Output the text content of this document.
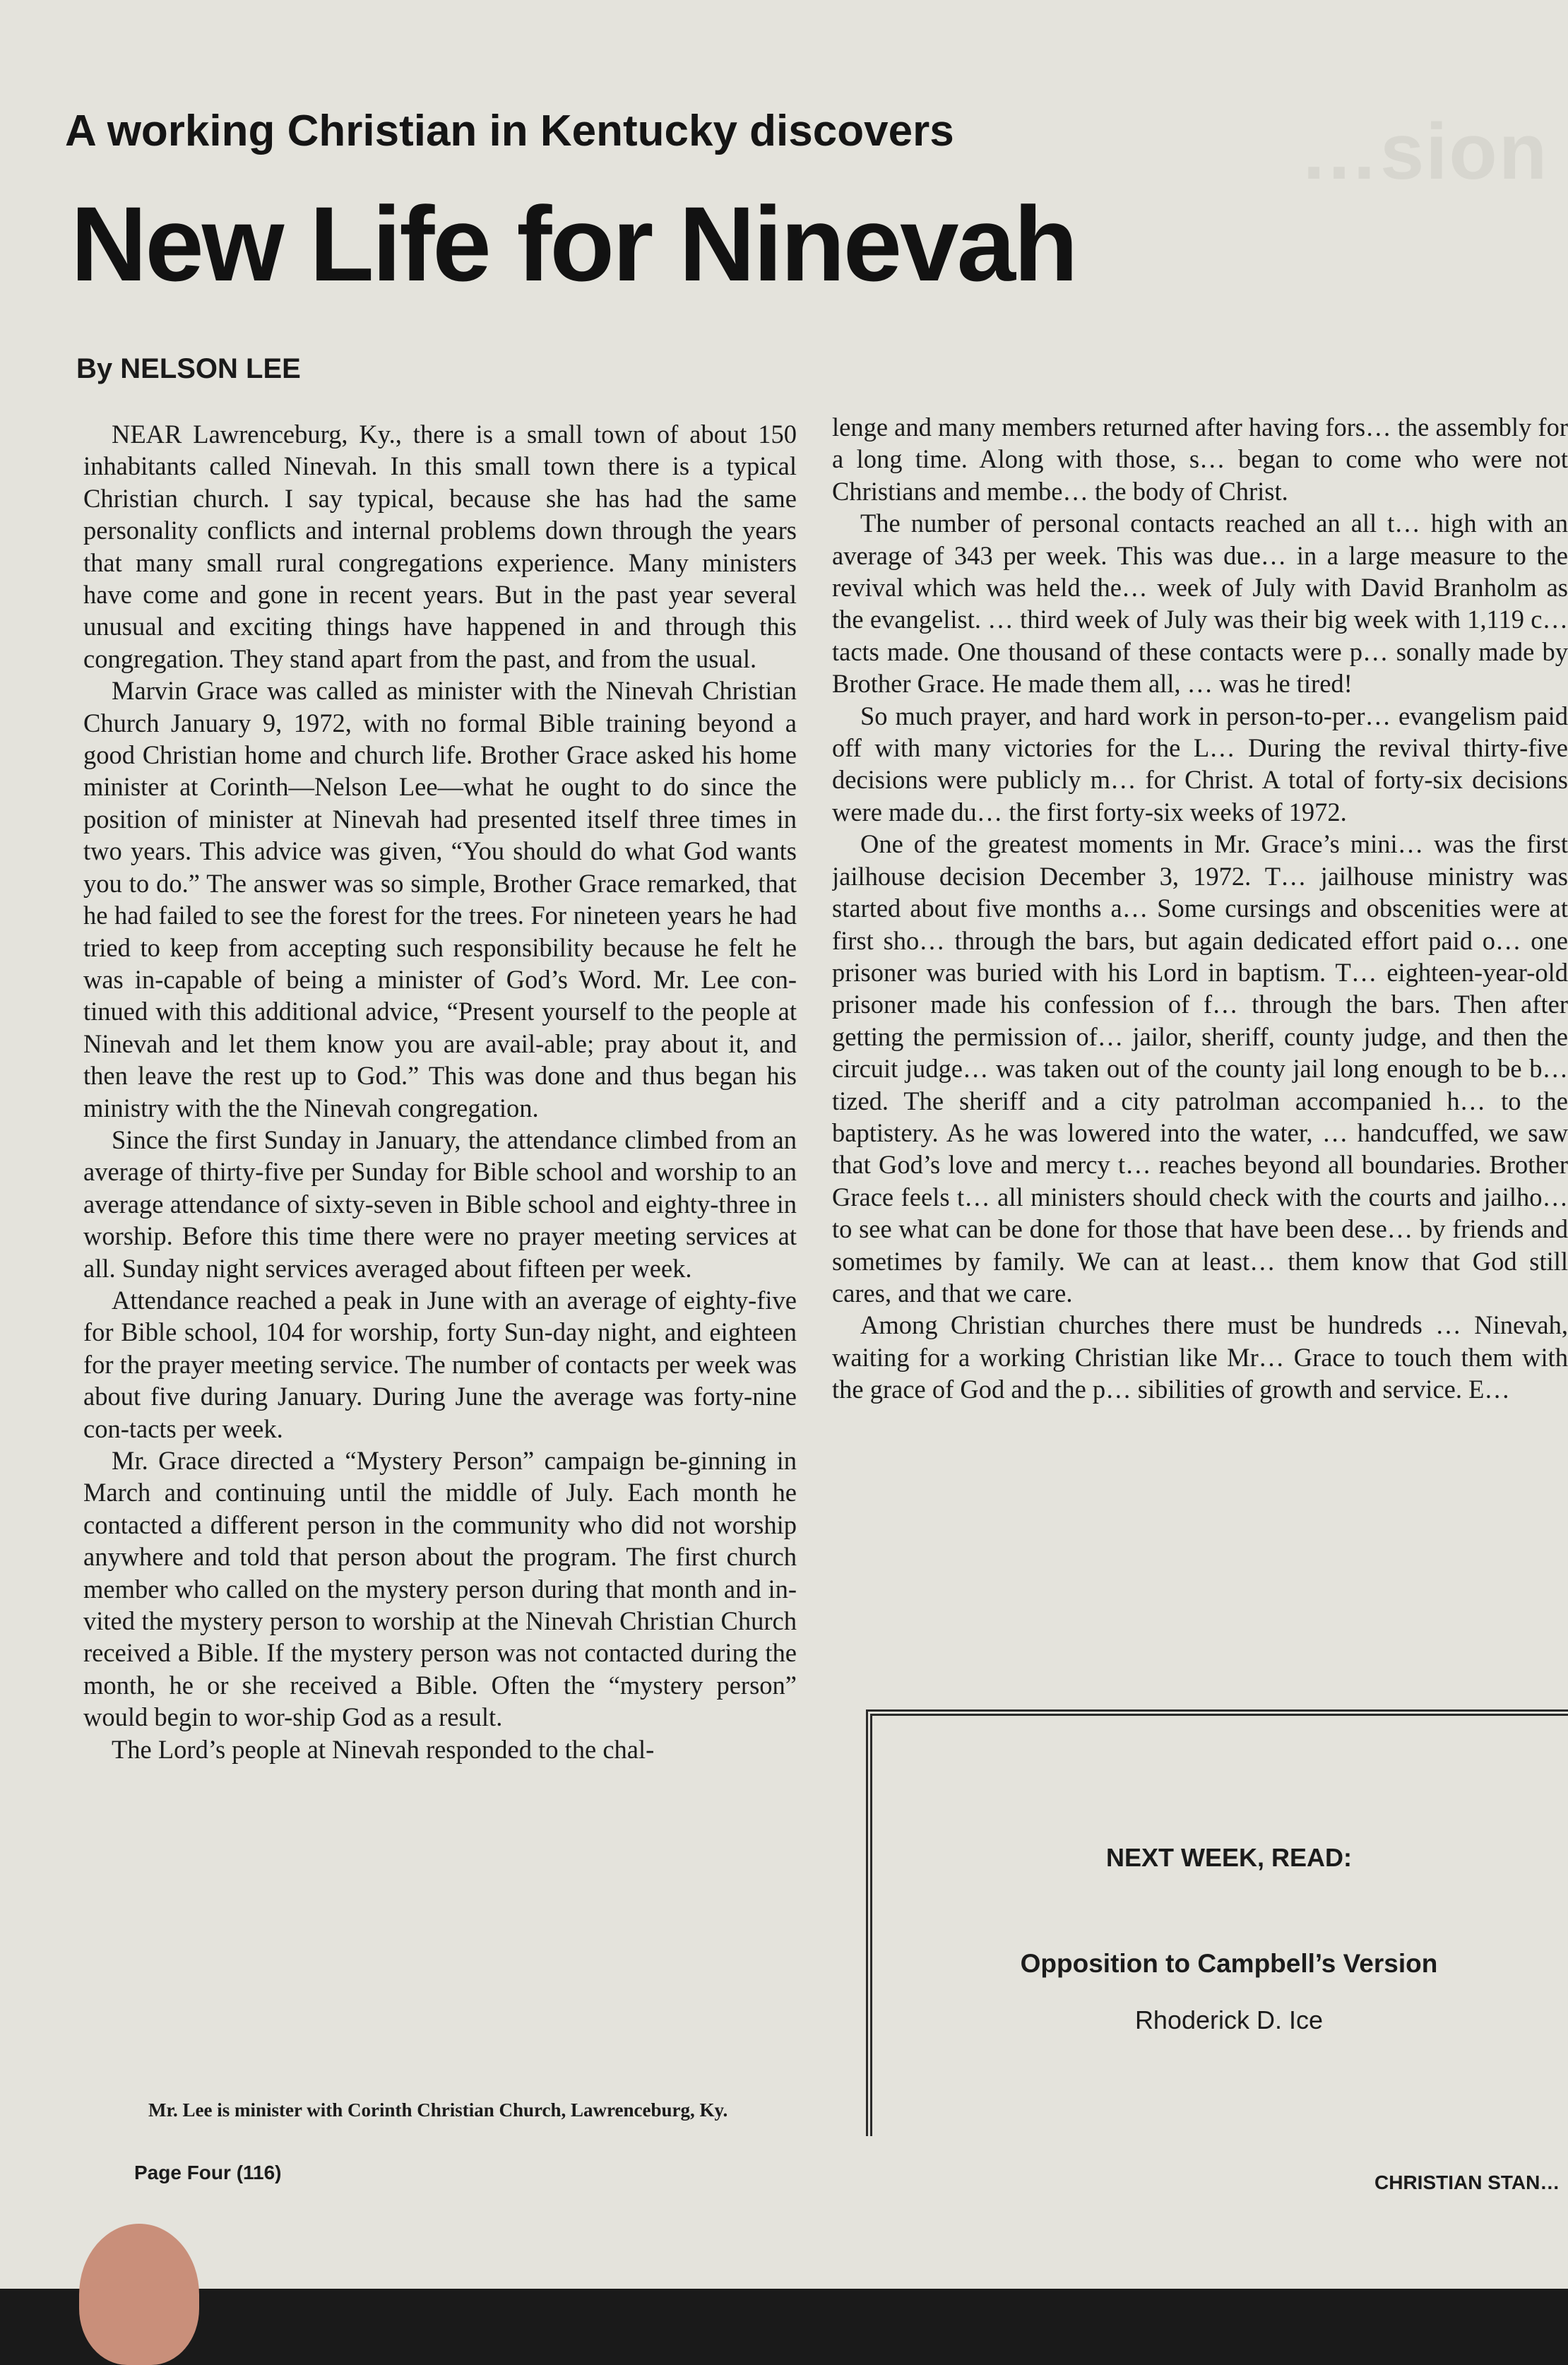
…sion
A working Christian in Kentucky discovers
New Life for Ninevah
By NELSON LEE

NEAR Lawrenceburg, Ky., there is a small town of about 150 inhabitants called Ninevah. In this small town there is a typical Christian church. I say typical, because she has had the same personality conflicts and internal problems down through the years that many small rural congregations experience. Many ministers have come and gone in recent years. But in the past year several unusual and exciting things have happened in and through this congregation. They stand apart from the past, and from the usual.

Marvin Grace was called as minister with the Ninevah Christian Church January 9, 1972, with no formal Bible training beyond a good Christian home and church life. Brother Grace asked his home minister at Corinth—Nelson Lee—what he ought to do since the position of minister at Ninevah had presented itself three times in two years. This advice was given, “You should do what God wants you to do.” The answer was so simple, Brother Grace remarked, that he had failed to see the forest for the trees. For nineteen years he had tried to keep from accepting such responsibility because he felt he was in-capable of being a minister of God’s Word. Mr. Lee con-tinued with this additional advice, “Present yourself to the people at Ninevah and let them know you are avail-able; pray about it, and then leave the rest up to God.” This was done and thus began his ministry with the the Ninevah congregation.

Since the first Sunday in January, the attendance climbed from an average of thirty-five per Sunday for Bible school and worship to an average attendance of sixty-seven in Bible school and eighty-three in worship. Before this time there were no prayer meeting services at all. Sunday night services averaged about fifteen per week.

Attendance reached a peak in June with an average of eighty-five for Bible school, 104 for worship, forty Sun-day night, and eighteen for the prayer meeting service. The number of contacts per week was about five during January. During June the average was forty-nine con-tacts per week.

Mr. Grace directed a “Mystery Person” campaign be-ginning in March and continuing until the middle of July. Each month he contacted a different person in the community who did not worship anywhere and told that person about the program. The first church member who called on the mystery person during that month and in-vited the mystery person to worship at the Ninevah Christian Church received a Bible. If the mystery person was not contacted during the month, he or she received a Bible. Often the “mystery person” would begin to wor-ship God as a result.

The Lord’s people at Ninevah responded to the chal-

lenge and many members returned after having fors… the assembly for a long time. Along with those, s… began to come who were not Christians and membe… the body of Christ.

The number of personal contacts reached an all t… high with an average of 343 per week. This was due… in a large measure to the revival which was held the… week of July with David Branholm as the evangelist. … third week of July was their big week with 1,119 c… tacts made. One thousand of these contacts were p… sonally made by Brother Grace. He made them all, … was he tired!

So much prayer, and hard work in person-to-per… evangelism paid off with many victories for the L… During the revival thirty-five decisions were publicly m… for Christ. A total of forty-six decisions were made du… the first forty-six weeks of 1972.

One of the greatest moments in Mr. Grace’s mini… was the first jailhouse decision December 3, 1972. T… jailhouse ministry was started about five months a… Some cursings and obscenities were at first sho… through the bars, but again dedicated effort paid o… one prisoner was buried with his Lord in baptism. T… eighteen-year-old prisoner made his confession of f… through the bars. Then after getting the permission of… jailor, sheriff, county judge, and then the circuit judge… was taken out of the county jail long enough to be b… tized. The sheriff and a city patrolman accompanied h… to the baptistery. As he was lowered into the water, … handcuffed, we saw that God’s love and mercy t… reaches beyond all boundaries. Brother Grace feels t… all ministers should check with the courts and jailho… to see what can be done for those that have been dese… by friends and sometimes by family. We can at least… them know that God still cares, and that we care.

Among Christian churches there must be hundreds … Ninevah, waiting for a working Christian like Mr… Grace to touch them with the grace of God and the p… sibilities of growth and service. E…

Mr. Lee is minister with Corinth Christian Church, Lawrenceburg, Ky.
NEXT WEEK, READ:
Opposition to Campbell’s Version
Rhoderick D. Ice
Page Four (116)	CHRISTIAN STAN…
